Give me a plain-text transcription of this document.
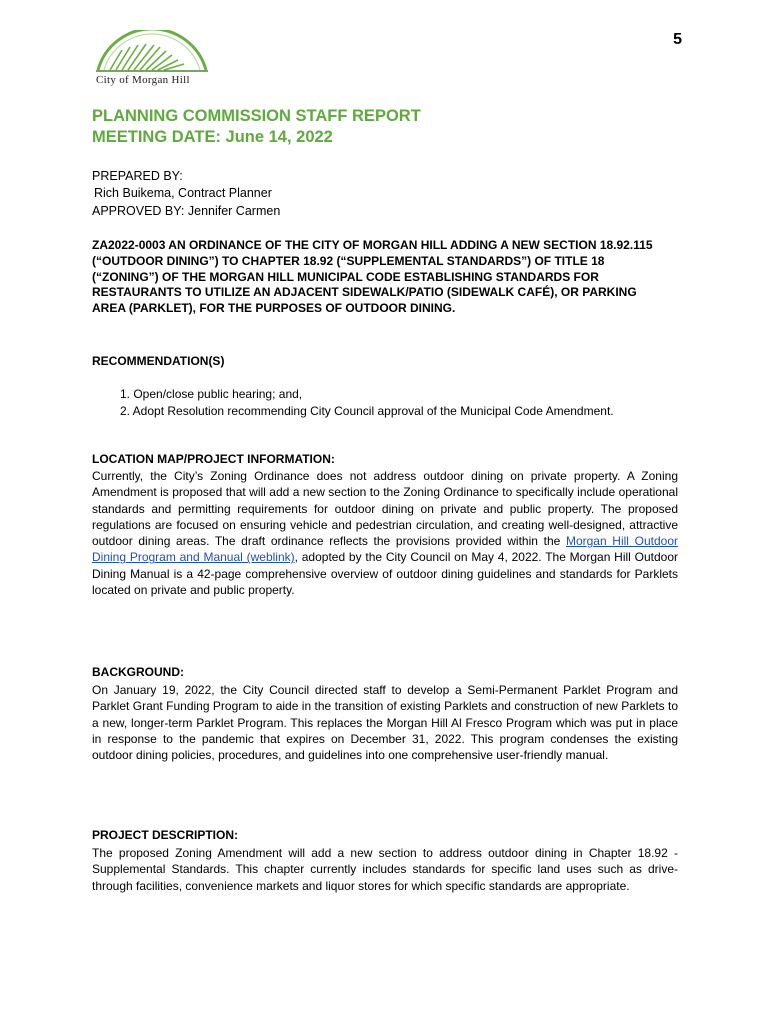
5
City of Morgan Hill
PLANNING COMMISSION STAFF REPORT
MEETING DATE: June 14, 2022
PREPARED BY:
Rich Buikema, Contract Planner
APPROVED BY: Jennifer Carmen
ZA2022-0003 AN ORDINANCE OF THE CITY OF MORGAN HILL ADDING A NEW SECTION 18.92.115 (“OUTDOOR DINING”) TO CHAPTER 18.92 (“SUPPLEMENTAL STANDARDS”) OF TITLE 18 (“ZONING”) OF THE MORGAN HILL MUNICIPAL CODE ESTABLISHING STANDARDS FOR RESTAURANTS TO UTILIZE AN ADJACENT SIDEWALK/PATIO (SIDEWALK CAFÉ), OR PARKING AREA (PARKLET), FOR THE PURPOSES OF OUTDOOR DINING.
RECOMMENDATION(S)
1. Open/close public hearing; and,
2. Adopt Resolution recommending City Council approval of the Municipal Code Amendment.
LOCATION MAP/PROJECT INFORMATION:
Currently, the City’s Zoning Ordinance does not address outdoor dining on private property. A Zoning Amendment is proposed that will add a new section to the Zoning Ordinance to specifically include operational standards and permitting requirements for outdoor dining on private and public property. The proposed regulations are focused on ensuring vehicle and pedestrian circulation, and creating well-designed, attractive outdoor dining areas. The draft ordinance reflects the provisions provided within the Morgan Hill Outdoor Dining Program and Manual (weblink), adopted by the City Council on May 4, 2022. The Morgan Hill Outdoor Dining Manual is a 42-page comprehensive overview of outdoor dining guidelines and standards for Parklets located on private and public property.
BACKGROUND:
On January 19, 2022, the City Council directed staff to develop a Semi-Permanent Parklet Program and Parklet Grant Funding Program to aide in the transition of existing Parklets and construction of new Parklets to a new, longer-term Parklet Program. This replaces the Morgan Hill Al Fresco Program which was put in place in response to the pandemic that expires on December 31, 2022. This program condenses the existing outdoor dining policies, procedures, and guidelines into one comprehensive user-friendly manual.
PROJECT DESCRIPTION:
The proposed Zoning Amendment will add a new section to address outdoor dining in Chapter 18.92 - Supplemental Standards. This chapter currently includes standards for specific land uses such as drive-through facilities, convenience markets and liquor stores for which specific standards are appropriate.
